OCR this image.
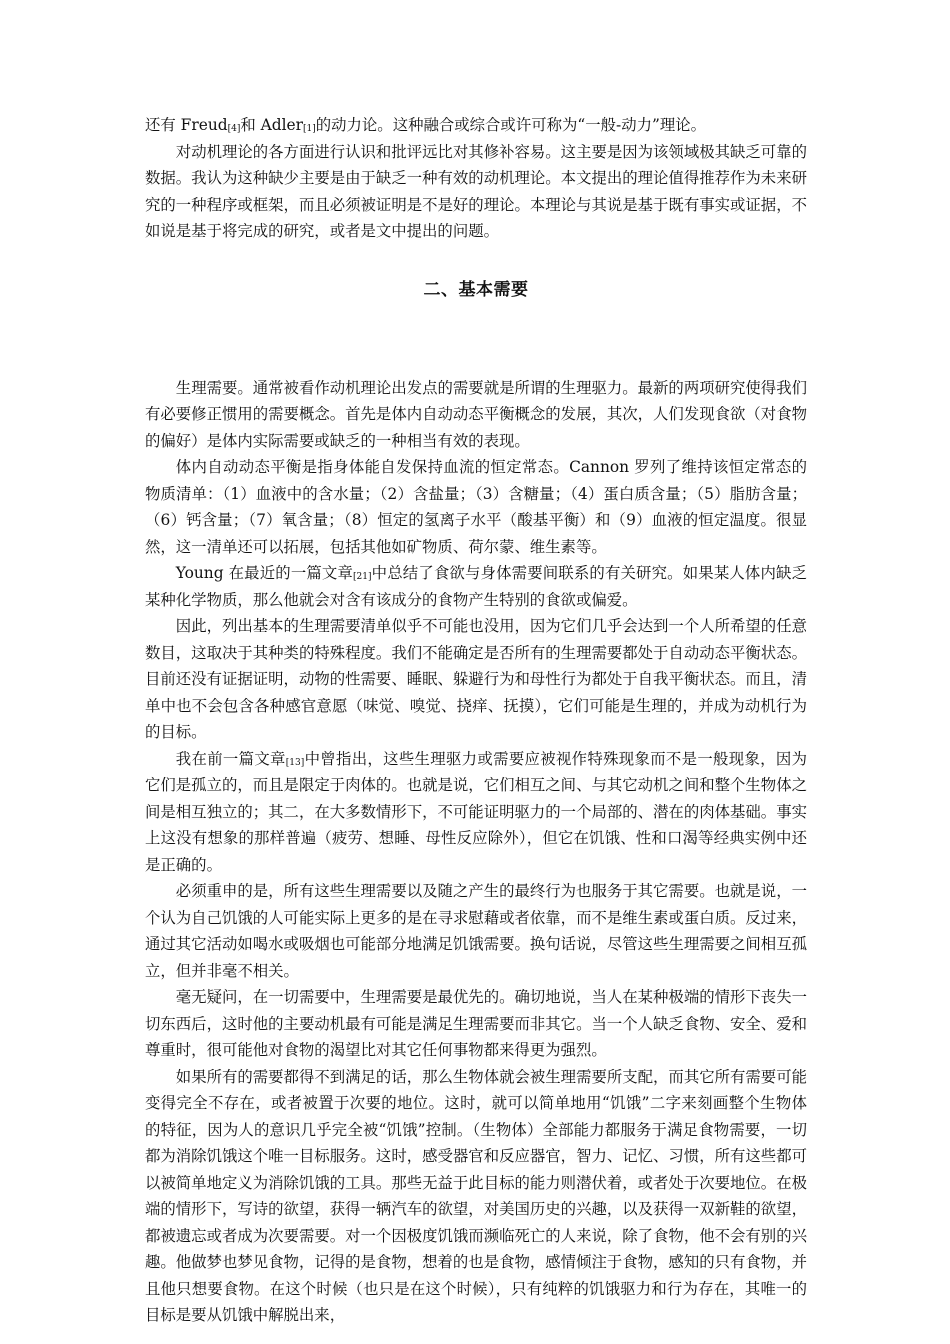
还有 Freud[4]和 Adler[1]的动力论。这种融合或综合或许可称为“一般-动力”理论。

对动机理论的各方面进行认识和批评远比对其修补容易。这主要是因为该领域极其缺乏可靠的数据。我认为这种缺少主要是由于缺乏一种有效的动机理论。本文提出的理论值得推荐作为未来研究的一种程序或框架，而且必须被证明是不是好的理论。本理论与其说是基于既有事实或证据，不如说是基于将完成的研究，或者是文中提出的问题。

二、基本需要

生理需要。通常被看作动机理论出发点的需要就是所谓的生理驱力。最新的两项研究使得我们有必要修正惯用的需要概念。首先是体内自动动态平衡概念的发展，其次，人们发现食欲（对食物的偏好）是体内实际需要或缺乏的一种相当有效的表现。

体内自动动态平衡是指身体能自发保持血流的恒定常态。Cannon 罗列了维持该恒定常态的物质清单：（1）血液中的含水量；（2）含盐量；（3）含糖量；（4）蛋白质含量；（5）脂肪含量；（6）钙含量；（7）氧含量；（8）恒定的氢离子水平（酸基平衡）和（9）血液的恒定温度。很显然，这一清单还可以拓展，包括其他如矿物质、荷尔蒙、维生素等。

Young 在最近的一篇文章[21]中总结了食欲与身体需要间联系的有关研究。如果某人体内缺乏某种化学物质，那么他就会对含有该成分的食物产生特别的食欲或偏爱。

因此，列出基本的生理需要清单似乎不可能也没用，因为它们几乎会达到一个人所希望的任意数目，这取决于其种类的特殊程度。我们不能确定是否所有的生理需要都处于自动动态平衡状态。目前还没有证据证明，动物的性需要、睡眠、躲避行为和母性行为都处于自我平衡状态。而且，清单中也不会包含各种感官意愿（味觉、嗅觉、挠痒、抚摸），它们可能是生理的，并成为动机行为的目标。

我在前一篇文章[13]中曾指出，这些生理驱力或需要应被视作特殊现象而不是一般现象，因为它们是孤立的，而且是限定于肉体的。也就是说，它们相互之间、与其它动机之间和整个生物体之间是相互独立的；其二，在大多数情形下，不可能证明驱力的一个局部的、潜在的肉体基础。事实上这没有想象的那样普遍（疲劳、想睡、母性反应除外），但它在饥饿、性和口渴等经典实例中还是正确的。

必须重申的是，所有这些生理需要以及随之产生的最终行为也服务于其它需要。也就是说，一个认为自己饥饿的人可能实际上更多的是在寻求慰藉或者依靠，而不是维生素或蛋白质。反过来，通过其它活动如喝水或吸烟也可能部分地满足饥饿需要。换句话说，尽管这些生理需要之间相互孤立，但并非毫不相关。

毫无疑问，在一切需要中，生理需要是最优先的。确切地说，当人在某种极端的情形下丧失一切东西后，这时他的主要动机最有可能是满足生理需要而非其它。当一个人缺乏食物、安全、爱和尊重时，很可能他对食物的渴望比对其它任何事物都来得更为强烈。

如果所有的需要都得不到满足的话，那么生物体就会被生理需要所支配，而其它所有需要可能变得完全不存在，或者被置于次要的地位。这时，就可以简单地用“饥饿”二字来刻画整个生物体的特征，因为人的意识几乎完全被“饥饿”控制。（生物体）全部能力都服务于满足食物需要，一切都为消除饥饿这个唯一目标服务。这时，感受器官和反应器官，智力、记忆、习惯，所有这些都可以被简单地定义为消除饥饿的工具。那些无益于此目标的能力则潜伏着，或者处于次要地位。在极端的情形下，写诗的欲望，获得一辆汽车的欲望，对美国历史的兴趣，以及获得一双新鞋的欲望，都被遗忘或者成为次要需要。对一个因极度饥饿而濒临死亡的人来说，除了食物，他不会有别的兴趣。他做梦也梦见食物，记得的是食物，想着的也是食物，感情倾注于食物，感知的只有食物，并且他只想要食物。在这个时候（也只是在这个时候），只有纯粹的饥饿驱力和行为存在，其唯一的目标是要从饥饿中解脱出来，
